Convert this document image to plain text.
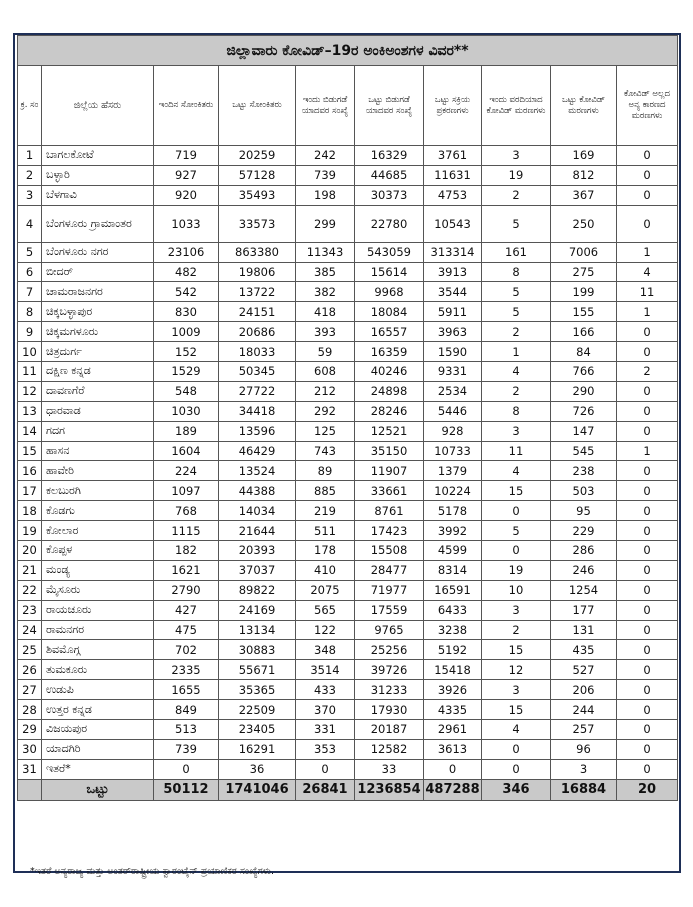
ಜಿಲ್ಲಾವಾರು ಕೋವಿಡ್–19ರ ಅಂಕಿಅಂಶಗಳ ವಿವರ**									
ಕ್ರ. ಸಂ	ಜಿಲ್ಲೆಯ ಹೆಸರು	ಇಂದಿನ ಸೋಂಕಿತರು	ಒಟ್ಟು ಸೋಂಕಿತರು	ಇಂದು ಬಿಡುಗಡೆ ಯಾದವರ ಸಂಖ್ಯೆ	ಒಟ್ಟು ಬಿಡುಗಡೆ ಯಾದವರ ಸಂಖ್ಯೆ	ಒಟ್ಟು ಸಕ್ರಿಯ ಪ್ರಕರಣಗಳು	ಇಂದು ವರದಿಯಾದ ಕೋವಿಡ್ ಮರಣಗಳು	ಒಟ್ಟು ಕೋವಿಡ್ ಮರಣಗಳು	ಕೋವಿಡ್ ಅಲ್ಲದ ಅನ್ಯ ಕಾರಣದ ಮರಣಗಳು
1	ಬಾಗಲಕೋಟೆ	719	20259	242	16329	3761	3	169	0
2	ಬಳ್ಳಾರಿ	927	57128	739	44685	11631	19	812	0
3	ಬೆಳಗಾವಿ	920	35493	198	30373	4753	2	367	0
4	ಬೆಂಗಳೂರು ಗ್ರಾಮಾಂತರ	1033	33573	299	22780	10543	5	250	0
5	ಬೆಂಗಳೂರು ನಗರ	23106	863380	11343	543059	313314	161	7006	1
6	ಬೀದರ್	482	19806	385	15614	3913	8	275	4
7	ಚಾಮರಾಜನಗರ	542	13722	382	9968	3544	5	199	11
8	ಚಿಕ್ಕಬಳ್ಳಾಪುರ	830	24151	418	18084	5911	5	155	1
9	ಚಿಕ್ಕಮಗಳೂರು	1009	20686	393	16557	3963	2	166	0
10	ಚಿತ್ರದುರ್ಗ	152	18033	59	16359	1590	1	84	0
11	ದಕ್ಷಿಣ ಕನ್ನಡ	1529	50345	608	40246	9331	4	766	2
12	ದಾವಣಗೆರೆ	548	27722	212	24898	2534	2	290	0
13	ಧಾರವಾಡ	1030	34418	292	28246	5446	8	726	0
14	ಗದಗ	189	13596	125	12521	928	3	147	0
15	ಹಾಸನ	1604	46429	743	35150	10733	11	545	1
16	ಹಾವೇರಿ	224	13524	89	11907	1379	4	238	0
17	ಕಲಬುರಗಿ	1097	44388	885	33661	10224	15	503	0
18	ಕೊಡಗು	768	14034	219	8761	5178	0	95	0
19	ಕೋಲಾರ	1115	21644	511	17423	3992	5	229	0
20	ಕೊಪ್ಪಳ	182	20393	178	15508	4599	0	286	0
21	ಮಂಡ್ಯ	1621	37037	410	28477	8314	19	246	0
22	ಮೈಸೂರು	2790	89822	2075	71977	16591	10	1254	0
23	ರಾಯಚೂರು	427	24169	565	17559	6433	3	177	0
24	ರಾಮನಗರ	475	13134	122	9765	3238	2	131	0
25	ಶಿವಮೊಗ್ಗ	702	30883	348	25256	5192	15	435	0
26	ತುಮಕೂರು	2335	55671	3514	39726	15418	12	527	0
27	ಉಡುಪಿ	1655	35365	433	31233	3926	3	206	0
28	ಉತ್ತರ ಕನ್ನಡ	849	22509	370	17930	4335	15	244	0
29	ವಿಜಯಪುರ	513	23405	331	20187	2961	4	257	0
30	ಯಾದಗಿರಿ	739	16291	353	12582	3613	0	96	0
31	ಇತರೆ*	0	36	0	33	0	0	3	0
	ಒಟ್ಟು	50112	1741046	26841	1236854	487288	346	16884	20
*ಇತರೆ ಅನ್ಯರಾಜ್ಯ ಮತ್ತು ಅಂತರ್‌ರಾಷ್ಟ್ರೀಯ ಕ್ವಾರಂಟೈನ್ ಪ್ರಯಾಣಿಕರ ಸಂಖ್ಯೆಗಳು.
